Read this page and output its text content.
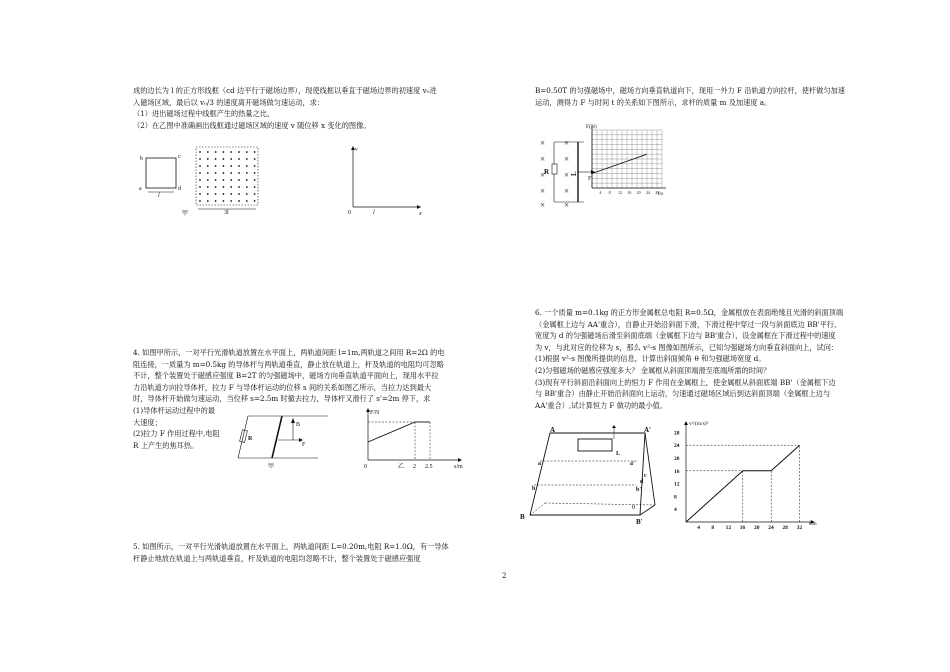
成的边长为 l 的正方形线框（cd 边平行于磁场边界），现使线框以垂直于磁场边界的初速度 v₀进
入磁场区域，最后以 v₀/3 的速度离开磁场做匀速运动，求：
（1）进出磁场过程中线框产生的热量之比，
（2）在乙图中准确画出线框通过磁场区域的速度 v 随位移 x 变化的图像。
b	c
a	d
l
3l
甲
v
x
0	l
4. 如图甲所示，一对平行光滑轨道放置在水平面上，两轨道间距 l=1m,两轨道之间用 R=2Ω 的电
阻连接，一质量为 m=0.5kg 的导体杆与两轨道垂直，静止放在轨道上，杆及轨道的电阻均可忽略
不计，整个装置处于磁感应强度 B=2T 的匀强磁场中，磁场方向垂直轨道平面向上，现用水平拉
力沿轨道方向拉导体杆，拉力 F 与导体杆运动的位移 s 间的关系如图乙所示，当拉力达到最大
时，导体杆开始做匀速运动，当位移 s=2.5m 时撤去拉力，导体杆又滑行了 s'=2m 停下，求
(1)导体杆运动过程中的最
大速度；
(2)拉力 F 作用过程中,电阻
R 上产生的焦耳热。
R
B
F
甲
F/N
s/m
0	2 2.5
乙
5. 如图所示，一对平行光滑轨道放置在水平面上，两轨道间距 L=0.20m,电阻 R=1.0Ω，有一导体
杆静止地放在轨道上与两轨道垂直，杆及轨道的电阻均忽略不计，整个装置处于磁感应强度
B=0.50T 的匀强磁场中，磁场方向垂直轨道向下，现用一外力 F 沿轨道方向拉杆，使杆做匀加速
运动，测得力 F 与时间 t 的关系如下图所示，求杆的质量 m 及加速度 a。
× ×
× ×
× ×
× ×
× ×
R	L
F
F(N)
t/s
4 8 12 16 20 24 28
6. 一个质量 m=0.1kg 的正方形金属框总电阻 R=0.5Ω，金属框放在表面绝缘且光滑的斜面顶端
（金属框上边与 AA'重合），自静止开始沿斜面下滑，下滑过程中穿过一段与斜面底边 BB'平行、
宽度为 d 的匀强磁场后滑至斜面底端（金属框下边与 BB'重合），设金属框在下滑过程中的速度
为 v，与此对应的位移为 s，那么 v²-s 图像如图所示，已知匀强磁场方向垂直斜面向上，试问：
(1)根据 v²-s 图像所提供的信息，计算出斜面倾角 θ 和匀强磁场宽度 d。
(2)匀强磁场的磁感应强度多大？ 金属框从斜面顶端滑至底端所需的时间？
(3)现有平行斜面沿斜面向上的恒力 F 作用在金属框上，使金属框从斜面底端 BB'（金属框下边
与 BB'重合）由静止开始沿斜面向上运动，匀速通过磁场区域后到达斜面顶端（金属框上边与
AA'重合）,试计算恒力 F 做功的最小值。
A	A'
L
a	a'
b	b'
c
d
B
B'
θ
v²/(m/s)²
s/m
4
8
12
16
20
24
28
4 8 12 16 20 24 28 32
2
